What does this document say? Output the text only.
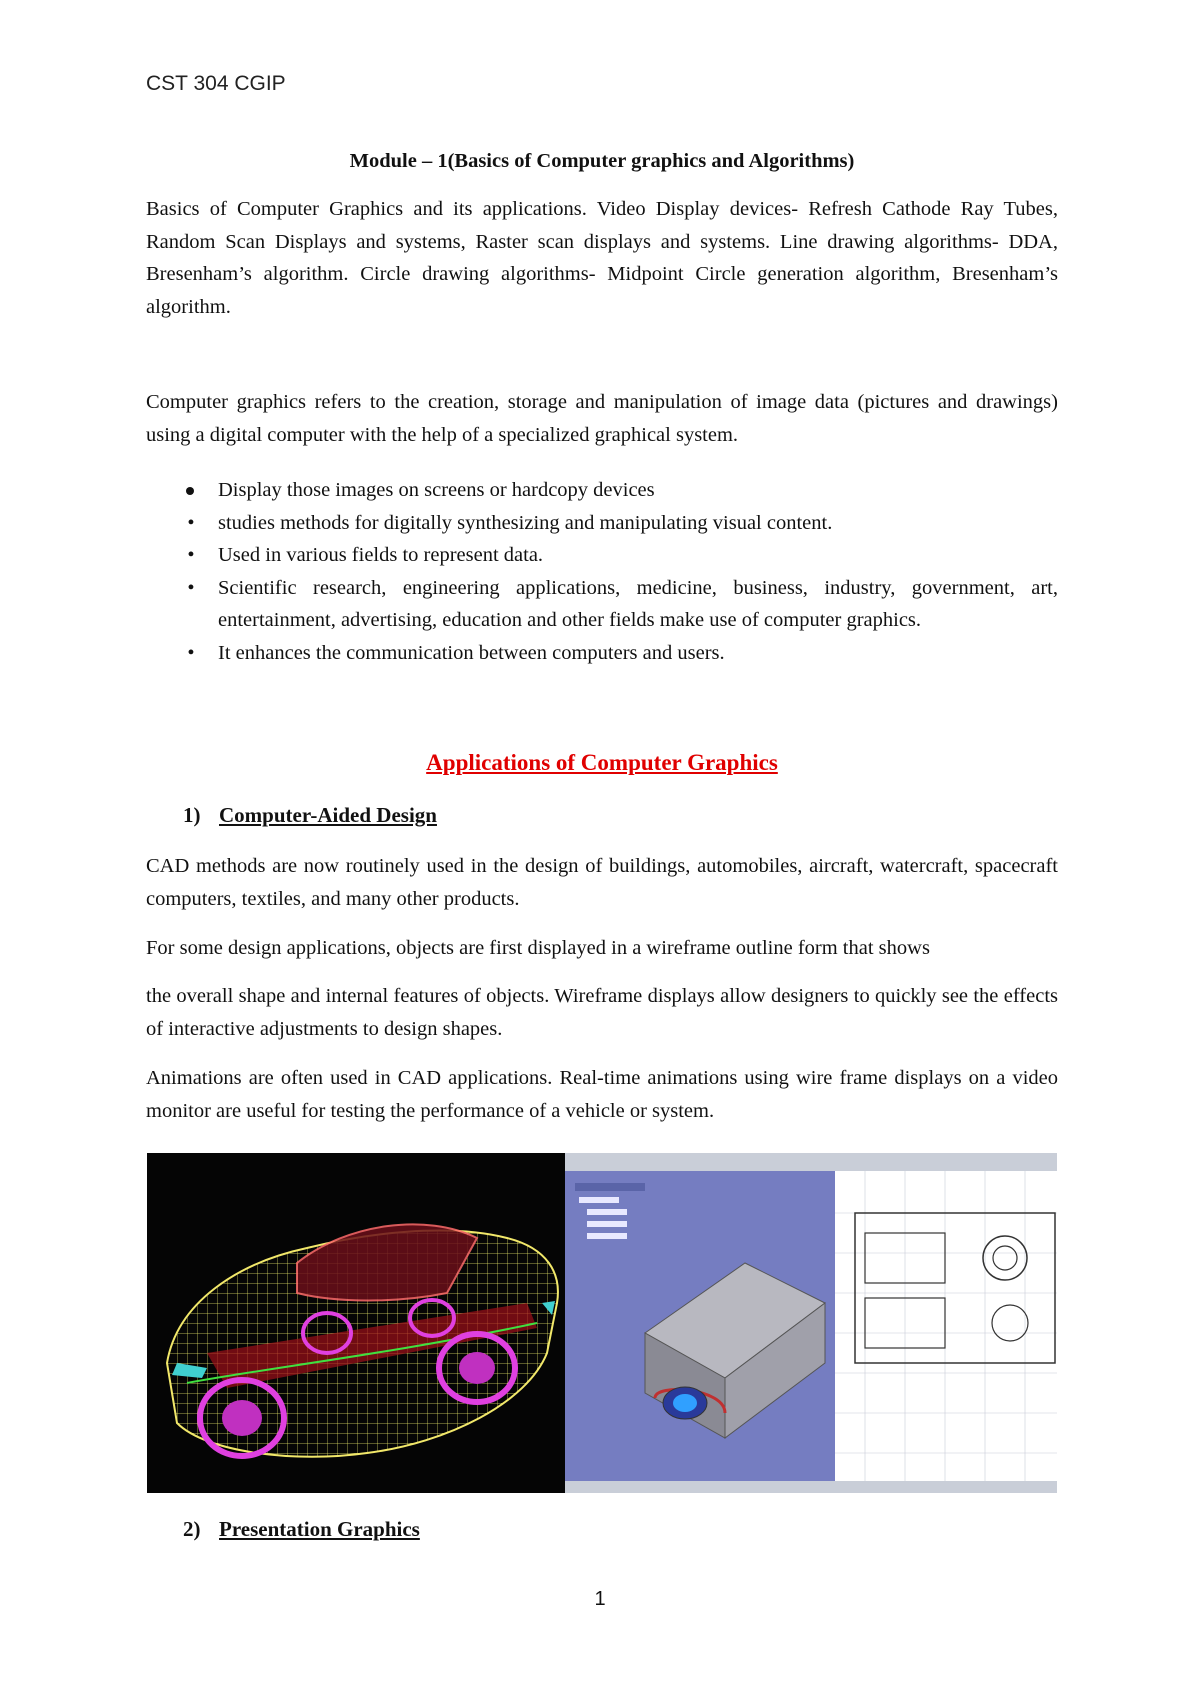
CST 304 CGIP
Module – 1(Basics of Computer graphics and Algorithms)

Basics of Computer Graphics and its applications. Video Display devices- Refresh Cathode Ray Tubes, Random Scan Displays and systems, Raster scan displays and systems. Line drawing algorithms- DDA, Bresenham’s algorithm. Circle drawing algorithms- Midpoint Circle generation algorithm, Bresenham’s algorithm.

Computer graphics refers to the creation, storage and manipulation of image data (pictures and drawings) using a digital computer with the help of a specialized graphical system.

Display those images on screens or hardcopy devices
• studies methods for digitally synthesizing and manipulating visual content.
• Used in various fields to represent data.
• Scientific research, engineering applications, medicine, business, industry, government, art, entertainment, advertising, education and other fields make use of computer graphics.
• It enhances the communication between computers and users.
Applications of Computer Graphics
1) Computer-Aided Design

CAD methods are now routinely used in the design of buildings, automobiles, aircraft, watercraft, spacecraft computers, textiles, and many other products.

For some design applications, objects are first displayed in a wireframe outline form that shows

the overall shape and internal features of objects. Wireframe displays allow designers to quickly see the effects of interactive adjustments to design shapes.

Animations are often used in CAD applications. Real-time animations using wire frame displays on a video monitor are useful for testing the performance of a vehicle or system.

2) Presentation Graphics
1
